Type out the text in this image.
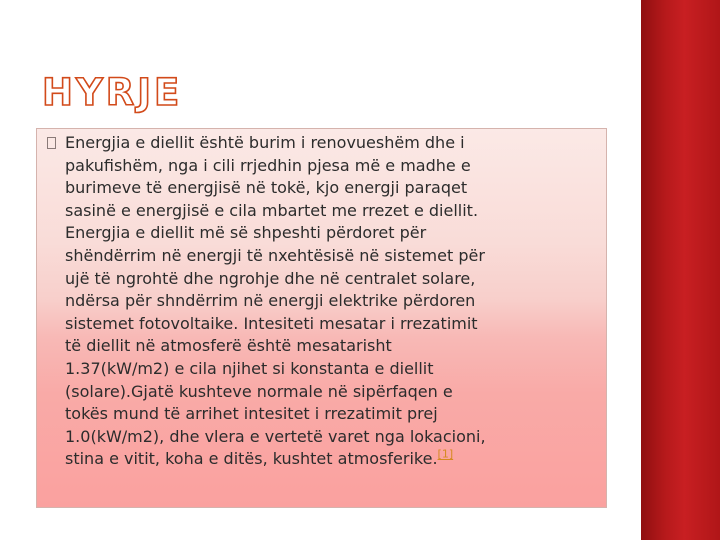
HYRJE

Energjia e diellit është burim i renovueshëm dhe i
pakufishëm, nga i cili rrjedhin pjesa më e madhe e
burimeve të energjisë në tokë, kjo energji paraqet
sasinë e energjisë e cila mbartet me rrezet e diellit.
Energjia e diellit më së shpeshti përdoret për
shëndërrim në energji të nxehtësisë në sistemet për
ujë të ngrohtë dhe ngrohje dhe në centralet solare,
ndërsa për shndërrim në energji elektrike përdoren
sistemet fotovoltaike. Intesiteti mesatar i rrezatimit
të diellit në atmosferë është mesatarisht
1.37(kW/m2) e cila njihet si konstanta e diellit
(solare).Gjatë kushteve normale në sipërfaqen e
tokës mund të arrihet intesitet i rrezatimit prej
1.0(kW/m2), dhe vlera e vertetë varet nga lokacioni,
stina e vitit, koha e ditës, kushtet atmosferike.[1]
